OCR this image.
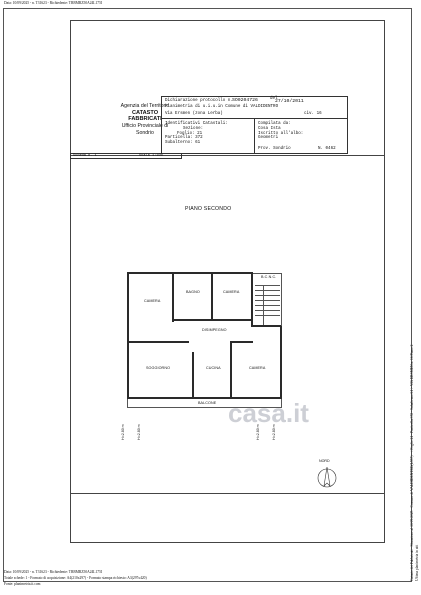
Data: 10/09/2025 - n. T31623 - Richiedente: TRBMRZ50A24L175I
Agenzia del Territorio
CATASTO FABBRICATI
Ufficio Provinciale di
Sondrio
Dichiarazione protocollo n. SO0204726	del
27/10/2011
Planimetria di u.i.u.in Comune di VALDIDENTRO
Via Ersmen (zona Lerba)	civ. 16
Identificativi Catastali:
Sezione:
Foglio: 21
Particella: 372
Subalterno: 61
Compilata da:
Cosa Ista
Iscritto all'albo:
Geometri
Prov. Sondrio	N. 0462
Scheda n. 1	Scala 1:100
PIANO SECONDO
CAMERA
BAGNO	CAMERA
DISIMPEGNO
SOGGIORNO	CUCINA	CAMERA
BALCONE
B.C.N.C.
H=2.80 m	H=2.80 m	H=2.80 m	H=2.80 m
NORD
casa.it	Catasto dei Fabbricati - Situazione al 10/09/2025 - Comune di VALDIDENTRO(L557) - < Foglio 21 - Particella 372 - Subalterno 61 > VIA ERSMEN n. 16 Piano 2 Ultima planimetria in atti
Data: 10/09/2025 - n. T31623 - Richiedente: TRBMRZ50A24L175I
Totale schede: 1 - Formato di acquisizione: A4(210x297) - Formato stampa richiesto: A3(297x420)
Fonte: planimetria.it.com
